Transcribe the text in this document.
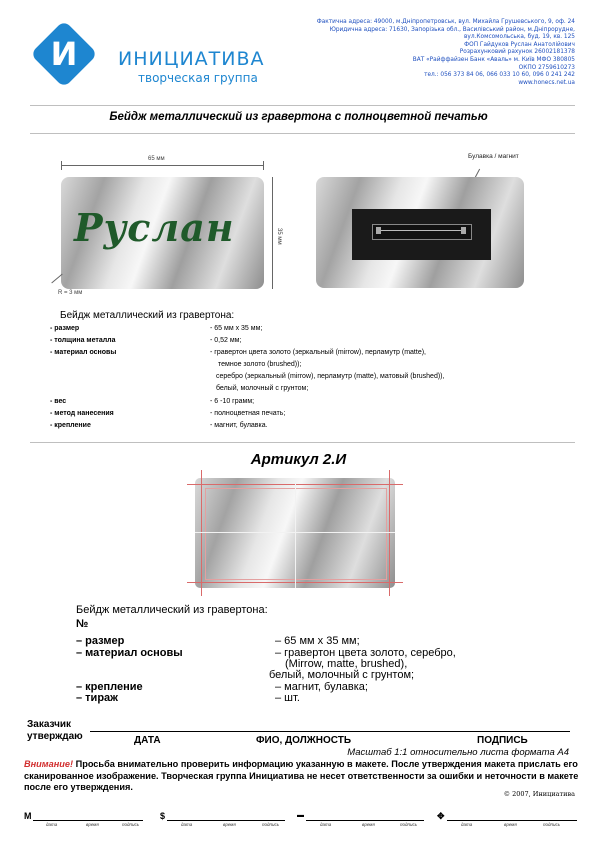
И ИНИЦИАТИВА
творческая группа
Фактична адреса: 49000, м.Дніпропетровськ, вул. Михайла Грушевського, 9, оф. 24
Юридична адреса: 71630, Запорізька обл., Василівський район, м.Дніпрорудне,
вул.Комсомольська, буд. 19, кв. 125
ФОП Гайдуков Руслан Анатолійович
Розрахунковий рахунок 26002181378
ВАТ «Райффайзен Банк «Аваль» м. Київ МФО 380805
ОКПО 2759610273
тел.: 056 373 84 06, 066 033 10 60, 096 0 241 242
www.honecs.net.ua
Бейдж металлический из гравертона с полноцветной печатью
65 мм
Руслан	35 мм
R = 3 мм
Булавка / магнит
Бейдж металлический из гравертона:
- размер	- 65 мм х 35 мм;
- толщина металла	- 0,52 мм;
- материал основы	- гравертон цвета золото (зеркальный (mirrow), перламутр (matte),
темное золото (brushed));
серебро (зеркальный (mirrow), перламутр (matte), матовый (brushed)),
белый, молочный с грунтом;
- вес	- 6 -10 грамм;
- метод нанесения	- полноцветная печать;
- крепление	- магнит, булавка.
Артикул 2.И
Бейдж металлический из гравертона:
№
– размер	– 65 мм х 35 мм;
– материал основы	– гравертон цвета золото, серебро,
(Mirrow, matte, brushed),
белый, молочный с грунтом;
– крепление	– магнит, булавка;
– тираж	– шт.
Заказчик
утверждаю	ДАТА	ФИО, ДОЛЖНОСТЬ	ПОДПИСЬ
Масштаб 1:1 относительно листа формата А4
Внимание! Просьба внимательно проверить информацию указанную в макете. После утверждения макета прислать его сканированное изображение. Творческая группа Инициатива не несет ответственности за ошибки и неточности в макете после его утверждения.
© 2007, Инициатива
M
дата	время	подпись
$
дата	время	подпись
▬
дата	время	подпись
✥
дата	время	подпись
